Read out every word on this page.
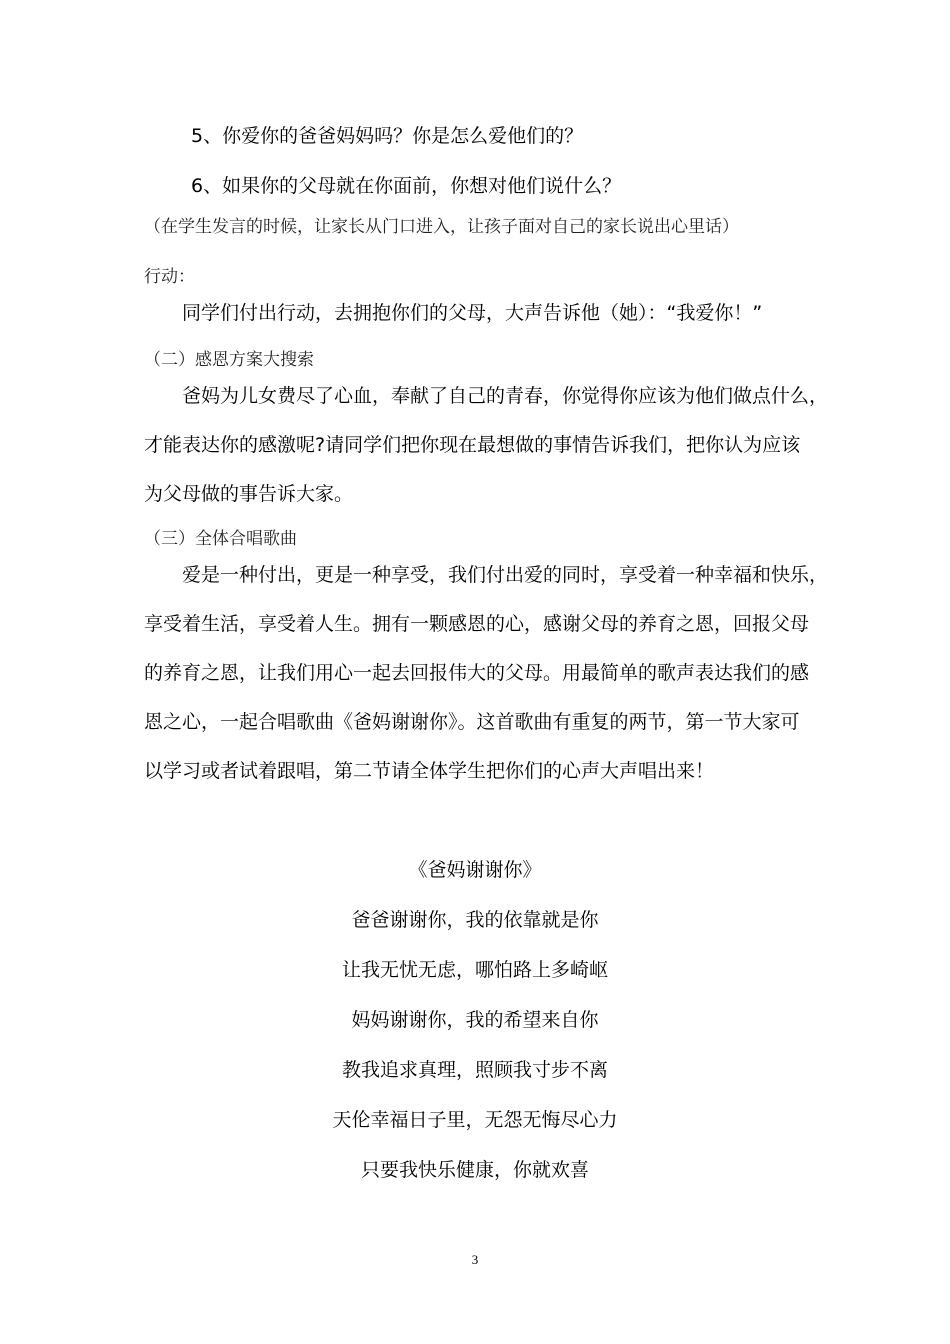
5、你爱你的爸爸妈妈吗？你是怎么爱他们的？
6、如果你的父母就在你面前，你想对他们说什么？
（在学生发言的时候，让家长从门口进入，让孩子面对自己的家长说出心里话）
行动：
同学们付出行动，去拥抱你们的父母，大声告诉他（她）：“我爱你！”
（二）感恩方案大搜索
爸妈为儿女费尽了心血，奉献了自己的青春，你觉得你应该为他们做点什么，
才能表达你的感激呢?请同学们把你现在最想做的事情告诉我们，把你认为应该
为父母做的事告诉大家。
（三）全体合唱歌曲
爱是一种付出，更是一种享受，我们付出爱的同时，享受着一种幸福和快乐，
享受着生活，享受着人生。拥有一颗感恩的心，感谢父母的养育之恩，回报父母
的养育之恩，让我们用心一起去回报伟大的父母。用最简单的歌声表达我们的感
恩之心，一起合唱歌曲《爸妈谢谢你》。这首歌曲有重复的两节，第一节大家可
以学习或者试着跟唱，第二节请全体学生把你们的心声大声唱出来！
《爸妈谢谢你》
爸爸谢谢你，我的依靠就是你
让我无忧无虑，哪怕路上多崎岖
妈妈谢谢你，我的希望来自你
教我追求真理，照顾我寸步不离
天伦幸福日子里，无怨无悔尽心力
只要我快乐健康，你就欢喜
3
